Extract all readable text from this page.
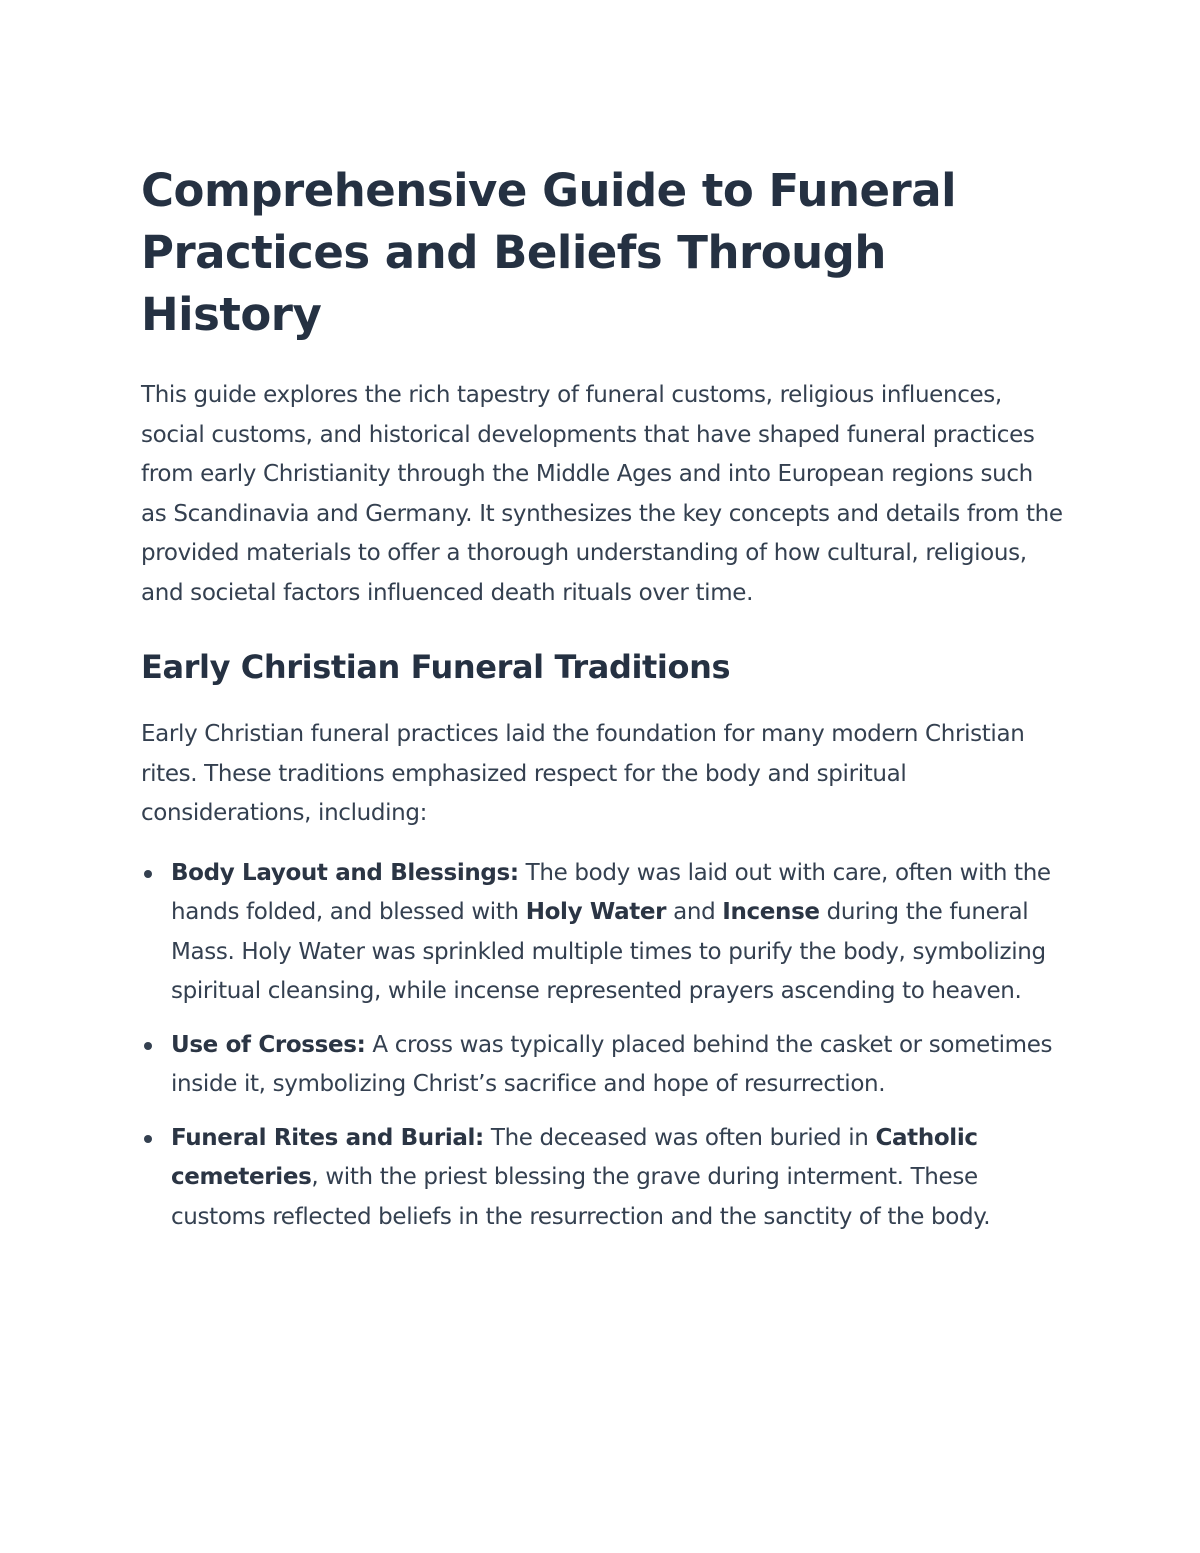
Comprehensive Guide to Funeral Practices and Beliefs Through History

This guide explores the rich tapestry of funeral customs, religious influences, social customs, and historical developments that have shaped funeral practices from early Christianity through the Middle Ages and into European regions such as Scandinavia and Germany. It synthesizes the key concepts and details from the provided materials to offer a thorough understanding of how cultural, religious, and societal factors influenced death rituals over time.

Early Christian Funeral Traditions

Early Christian funeral practices laid the foundation for many modern Christian rites. These traditions emphasized respect for the body and spiritual considerations, including:

Body Layout and Blessings: The body was laid out with care, often with the hands folded, and blessed with Holy Water and Incense during the funeral Mass. Holy Water was sprinkled multiple times to purify the body, symbolizing spiritual cleansing, while incense represented prayers ascending to heaven.
Use of Crosses: A cross was typically placed behind the casket or sometimes inside it, symbolizing Christ’s sacrifice and hope of resurrection.
Funeral Rites and Burial: The deceased was often buried in Catholic cemeteries, with the priest blessing the grave during interment. These customs reflected beliefs in the resurrection and the sanctity of the body.
